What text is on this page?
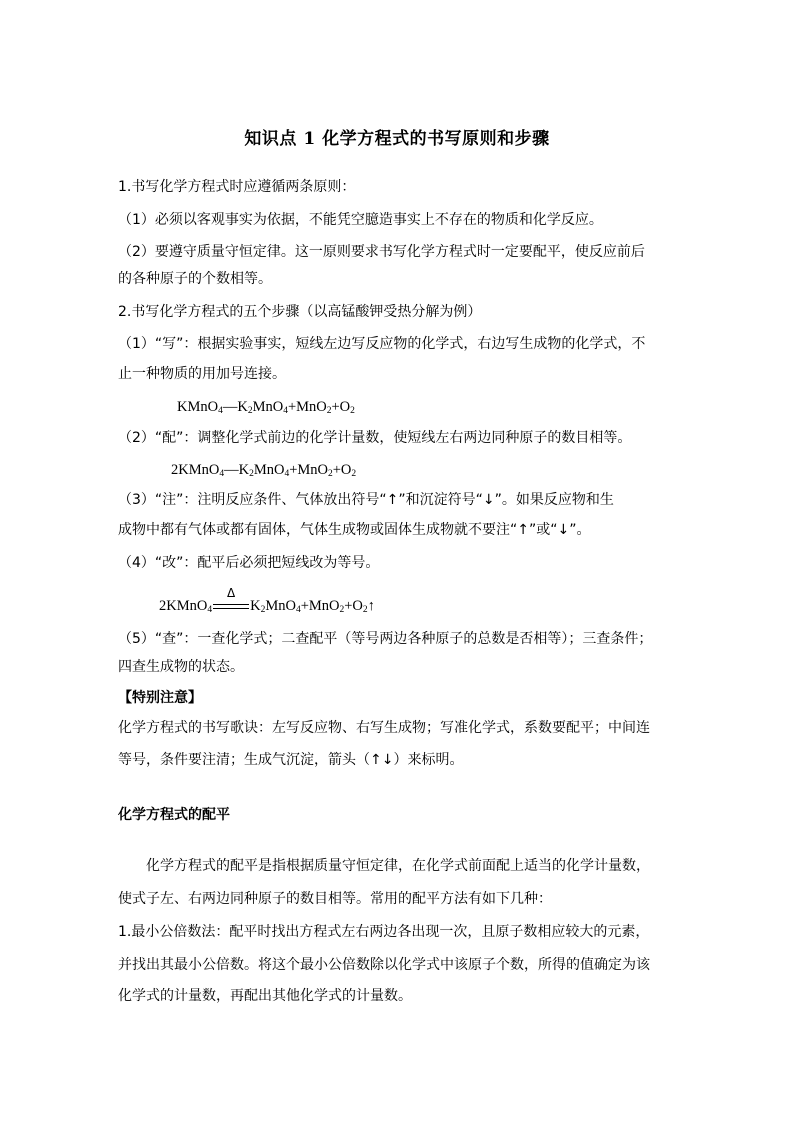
知识点 1 化学方程式的书写原则和步骤
1.书写化学方程式时应遵循两条原则：
（1）必须以客观事实为依据，不能凭空臆造事实上不存在的物质和化学反应。
（2）要遵守质量守恒定律。这一原则要求书写化学方程式时一定要配平，使反应前后
的各种原子的个数相等。
2.书写化学方程式的五个步骤（以高锰酸钾受热分解为例）
（1）“写”：根据实验事实，短线左边写反应物的化学式，右边写生成物的化学式，不
止一种物质的用加号连接。
$KMnO_4—K_2MnO_4+MnO_2+O_2$
（2）“配”：调整化学式前边的化学计量数，使短线左右两边同种原子的数目相等。
$2KMnO_4—K_2MnO_4+MnO_2+O_2$
（3）“注”：注明反应条件、气体放出符号“↑”和沉淀符号“↓”。如果反应物和生
成物中都有气体或都有固体，气体生成物或固体生成物就不要注“↑”或“↓”。
（4）“改”：配平后必须把短线改为等号。
2KMnO$_4$
Δ
$K_2MnO_4+MnO_2+O_2↑$
（5）“查”：一查化学式；二查配平（等号两边各种原子的总数是否相等）；三查条件；
四查生成物的状态。
【特别注意】
化学方程式的书写歌诀：左写反应物、右写生成物；写准化学式，系数要配平；中间连
等号，条件要注清；生成气沉淀，箭头（↑↓）来标明。
化学方程式的配平
化学方程式的配平是指根据质量守恒定律，在化学式前面配上适当的化学计量数，
使式子左、右两边同种原子的数目相等。常用的配平方法有如下几种：
1.最小公倍数法：配平时找出方程式左右两边各出现一次，且原子数相应较大的元素，
并找出其最小公倍数。将这个最小公倍数除以化学式中该原子个数，所得的值确定为该
化学式的计量数，再配出其他化学式的计量数。
